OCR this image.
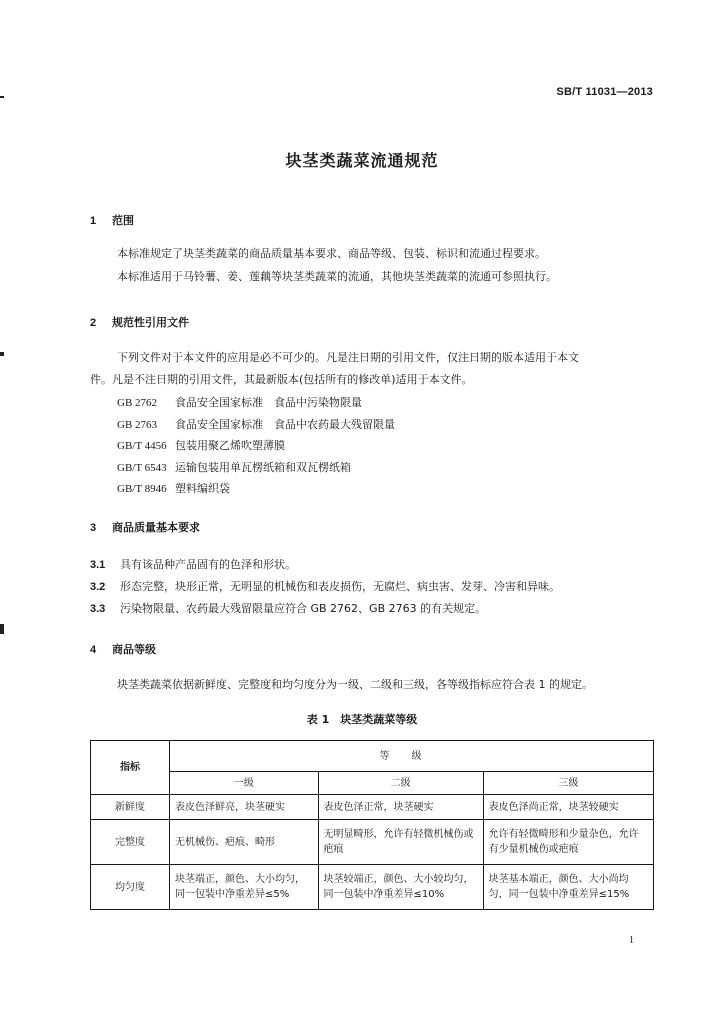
SB/T 11031—2013
块茎类蔬菜流通规范
1 范围
本标准规定了块茎类蔬菜的商品质量基本要求、商品等级、包装、标识和流通过程要求。
本标准适用于马铃薯、姜、莲藕等块茎类蔬菜的流通，其他块茎类蔬菜的流通可参照执行。
2 规范性引用文件
下列文件对于本文件的应用是必不可少的。凡是注日期的引用文件，仅注日期的版本适用于本文
件。凡是不注日期的引用文件，其最新版本(包括所有的修改单)适用于本文件。
GB 2762 食品安全国家标准　食品中污染物限量
GB 2763 食品安全国家标准　食品中农药最大残留限量
GB/T 4456 包装用聚乙烯吹塑薄膜
GB/T 6543 运输包装用单瓦楞纸箱和双瓦楞纸箱
GB/T 8946 塑料编织袋
3 商品质量基本要求
3.1 具有该品种产品固有的色泽和形状。
3.2 形态完整，块形正常，无明显的机械伤和表皮损伤，无腐烂、病虫害、发芽、冷害和异味。
3.3 污染物限量、农药最大残留限量应符合 GB 2762、GB 2763 的有关规定。
4 商品等级
块茎类蔬菜依据新鲜度、完整度和均匀度分为一级、二级和三级，各等级指标应符合表 1 的规定。
表 1　块茎类蔬菜等级
指标	等级		
	一级	二级	三级
新鲜度	表皮色泽鲜亮，块茎硬实	表皮色泽正常，块茎硬实	表皮色泽尚正常，块茎较硬实
完整度	无机械伤、疤痕、畸形	无明显畸形，允许有轻微机械伤或疤痕	允许有轻微畸形和少量杂色，允许有少量机械伤或疤痕
均匀度	块茎端正，颜色、大小均匀，同一包装中净重差异≤5%	块茎较端正，颜色、大小较均匀，同一包装中净重差异≤10%	块茎基本端正，颜色、大小尚均匀，同一包装中净重差异≤15%
1
